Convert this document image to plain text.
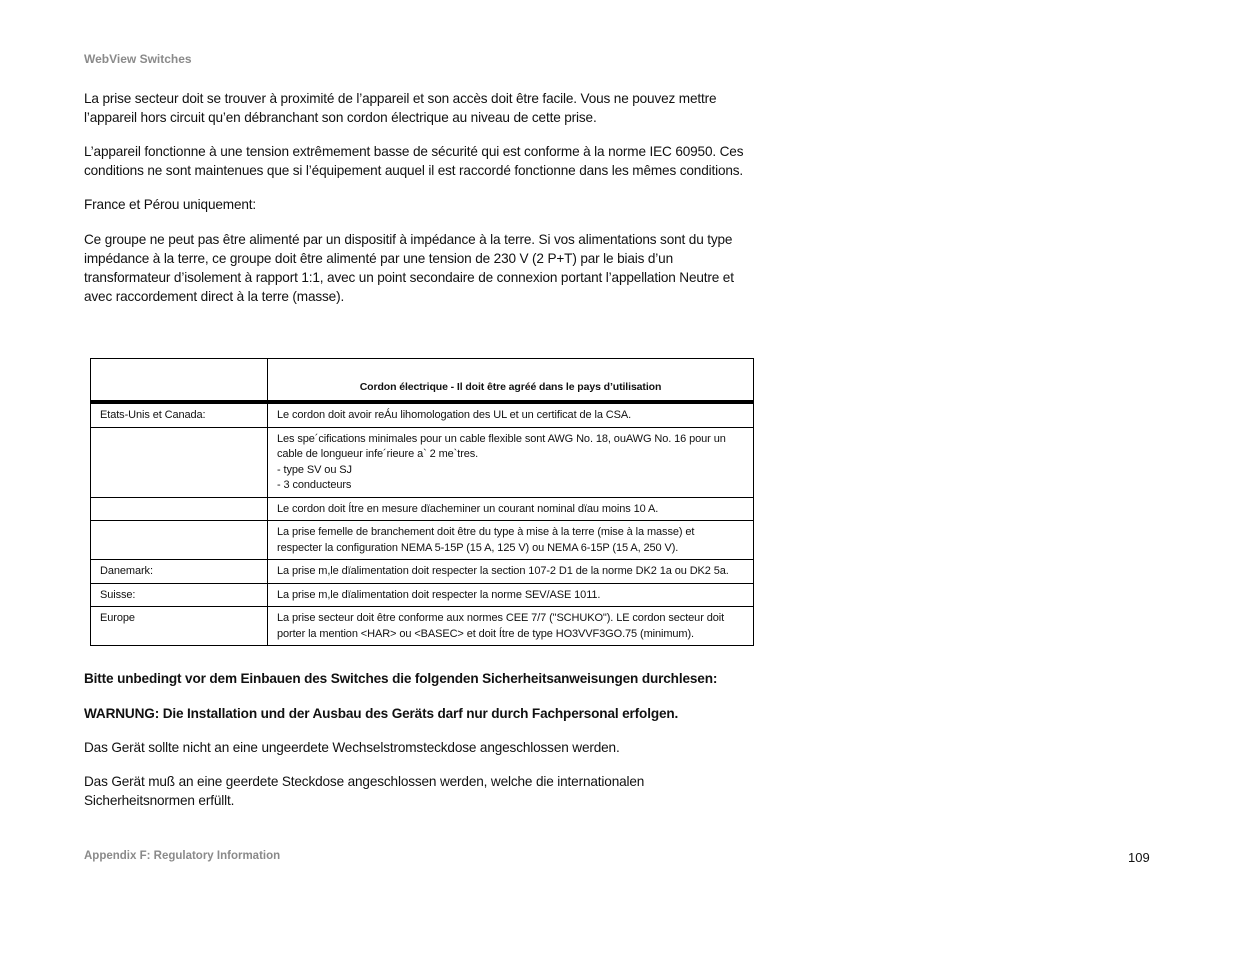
WebView Switches
La prise secteur doit se trouver à proximité de l’appareil et son accès doit être facile. Vous ne pouvez mettre
l’appareil hors circuit qu’en débranchant son cordon électrique au niveau de cette prise.
L’appareil fonctionne à une tension extrêmement basse de sécurité qui est conforme à la norme IEC 60950. Ces
conditions ne sont maintenues que si l’équipement auquel il est raccordé fonctionne dans les mêmes conditions.
France et Pérou uniquement:
Ce groupe ne peut pas être alimenté par un dispositif à impédance à la terre. Si vos alimentations sont du type
impédance à la terre, ce groupe doit être alimenté par une tension de 230 V (2 P+T) par le biais d’un
transformateur d’isolement à rapport 1:1, avec un point secondaire de connexion portant l’appellation Neutre et
avec raccordement direct à la terre (masse).
	Cordon électrique - Il doit être agréé dans le pays d’utilisation
Etats-Unis et Canada:	Le cordon doit avoir reÁu lihomologation des UL et un certificat de la CSA.

	Les spe´cifications minimales pour un cable flexible sont AWG No. 18, ouAWG No. 16 pour un
cable de longueur infe´rieure a` 2 me`tres.
- type SV ou SJ
- 3 conducteurs

	Le cordon doit Ítre en mesure dïacheminer un courant nominal dïau moins 10 A.

	La prise femelle de branchement doit être du type à mise à la terre (mise à la masse) et
respecter la configuration NEMA 5-15P (15 A, 125 V) ou NEMA 6-15P (15 A, 250 V).

Danemark:	La prise m,le dïalimentation doit respecter la section 107-2 D1 de la norme DK2 1a ou DK2 5a.

Suisse:	La prise m,le dïalimentation doit respecter la norme SEV/ASE 1011.

Europe	La prise secteur doit être conforme aux normes CEE 7/7 ("SCHUKO"). LE cordon secteur doit
porter la mention <HAR> ou <BASEC> et doit Ítre de type HO3VVF3GO.75 (minimum).
Bitte unbedingt vor dem Einbauen des Switches die folgenden Sicherheitsanweisungen durchlesen:
WARNUNG: Die Installation und der Ausbau des Geräts darf nur durch Fachpersonal erfolgen.
Das Gerät sollte nicht an eine ungeerdete Wechselstromsteckdose angeschlossen werden.
Das Gerät muß an eine geerdete Steckdose angeschlossen werden, welche die internationalen
Sicherheitsnormen erfüllt.
Appendix F: Regulatory Information	109
